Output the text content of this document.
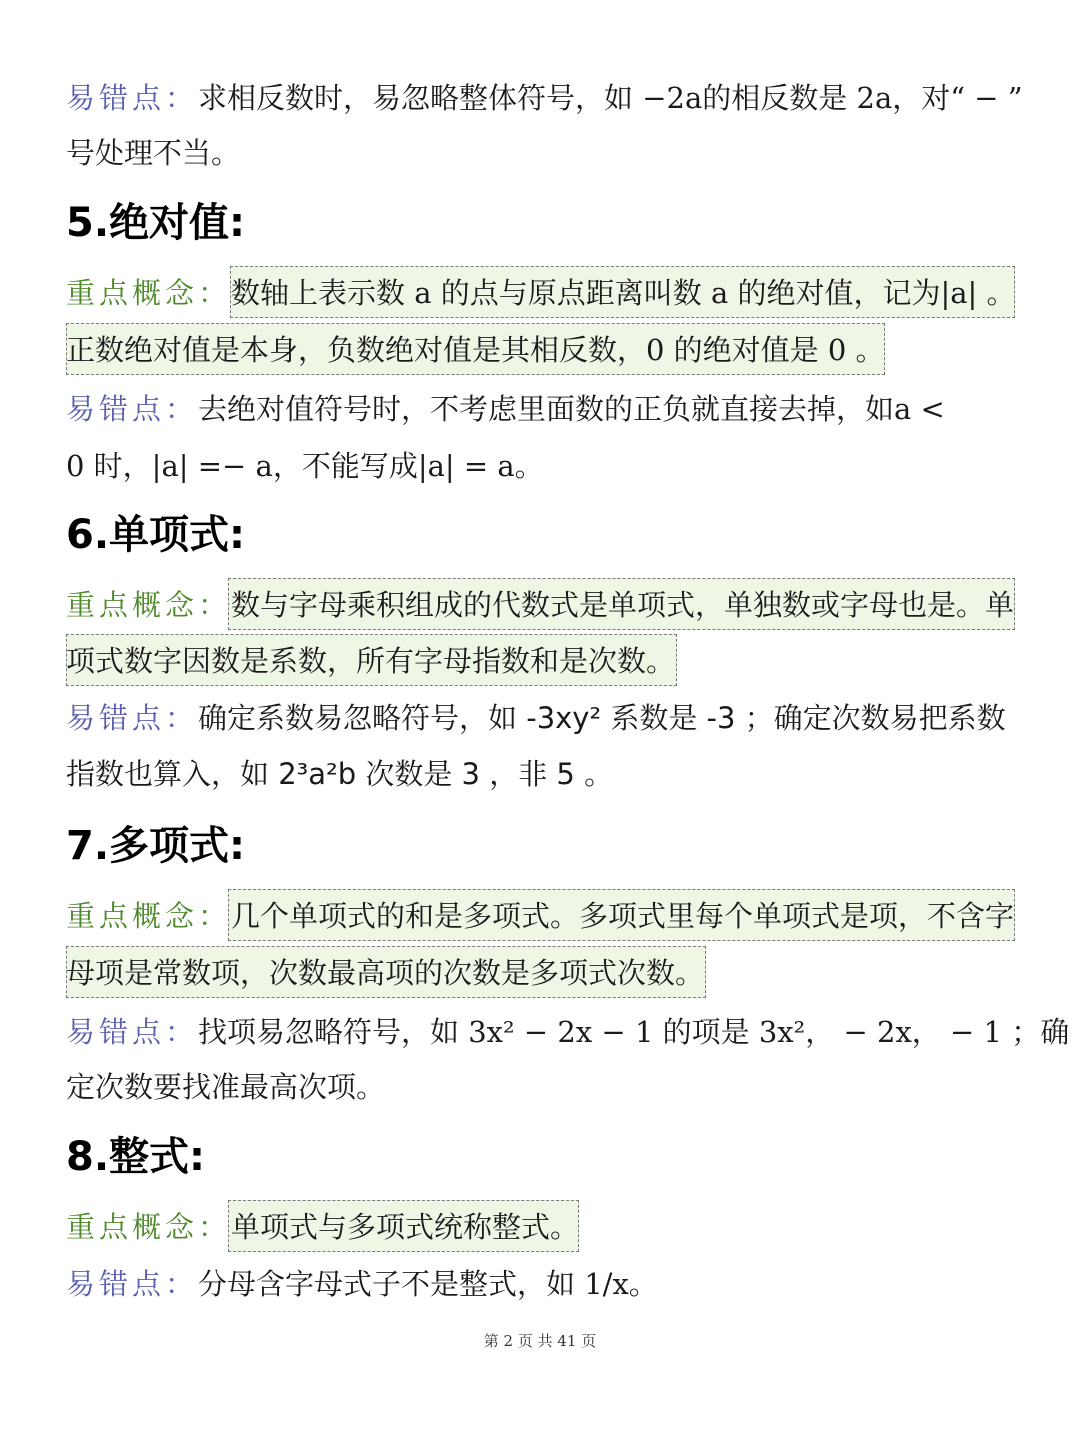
易错点：求相反数时，易忽略整体符号，如 −2a的相反数是 2a，对“ − ”
号处理不当。
5.绝对值:
重点概念：数轴上表示数 a 的点与原点距离叫数 a 的绝对值，记为|a| 。
正数绝对值是本身，负数绝对值是其相反数，0 的绝对值是 0 。
易错点：去绝对值符号时，不考虑里面数的正负就直接去掉，如a <
0 时，|a| =− a，不能写成|a| = a。
6.单项式:
重点概念：数与字母乘积组成的代数式是单项式，单独数或字母也是。单
项式数字因数是系数，所有字母指数和是次数。
易错点：确定系数易忽略符号，如 -3xy² 系数是 -3 ；确定次数易把系数
指数也算入，如 2³a²b 次数是 3 ，非 5 。
7.多项式:
重点概念：几个单项式的和是多项式。多项式里每个单项式是项，不含字
母项是常数项，次数最高项的次数是多项式次数。
易错点：找项易忽略符号，如 3x² − 2x − 1 的项是 3x²， − 2x， − 1 ；确
定次数要找准最高次项。
8.整式:
重点概念：单项式与多项式统称整式。
易错点：分母含字母式子不是整式，如 1/x。
第 2 页 共 41 页
